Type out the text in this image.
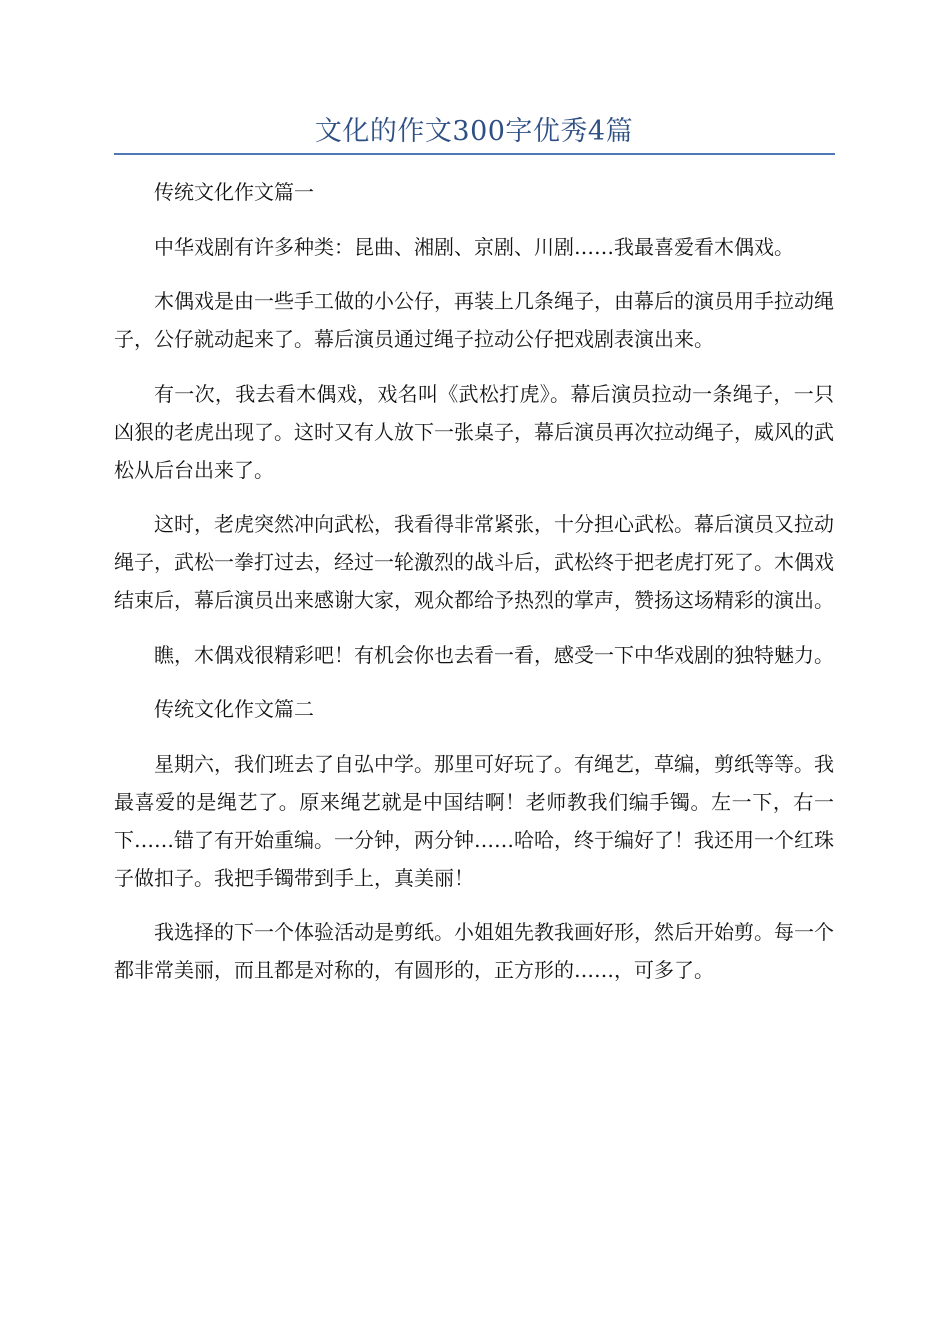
文化的作文300字优秀4篇

传统文化作文篇一

中华戏剧有许多种类：昆曲、湘剧、京剧、川剧……我最喜爱看木偶戏。

木偶戏是由一些手工做的小公仔，再装上几条绳子，由幕后的演员用手拉动绳子，公仔就动起来了。幕后演员通过绳子拉动公仔把戏剧表演出来。

有一次，我去看木偶戏，戏名叫《武松打虎》。幕后演员拉动一条绳子，一只凶狠的老虎出现了。这时又有人放下一张桌子，幕后演员再次拉动绳子，威风的武松从后台出来了。

这时，老虎突然冲向武松，我看得非常紧张，十分担心武松。幕后演员又拉动绳子，武松一拳打过去，经过一轮激烈的战斗后，武松终于把老虎打死了。木偶戏结束后，幕后演员出来感谢大家，观众都给予热烈的掌声，赞扬这场精彩的演出。

瞧，木偶戏很精彩吧！有机会你也去看一看，感受一下中华戏剧的独特魅力。

传统文化作文篇二

星期六，我们班去了自弘中学。那里可好玩了。有绳艺，草编，剪纸等等。我最喜爱的是绳艺了。原来绳艺就是中国结啊！老师教我们编手镯。左一下，右一下……错了有开始重编。一分钟，两分钟……哈哈，终于编好了！我还用一个红珠子做扣子。我把手镯带到手上，真美丽！

我选择的下一个体验活动是剪纸。小姐姐先教我画好形，然后开始剪。每一个都非常美丽，而且都是对称的，有圆形的，正方形的……，可多了。
